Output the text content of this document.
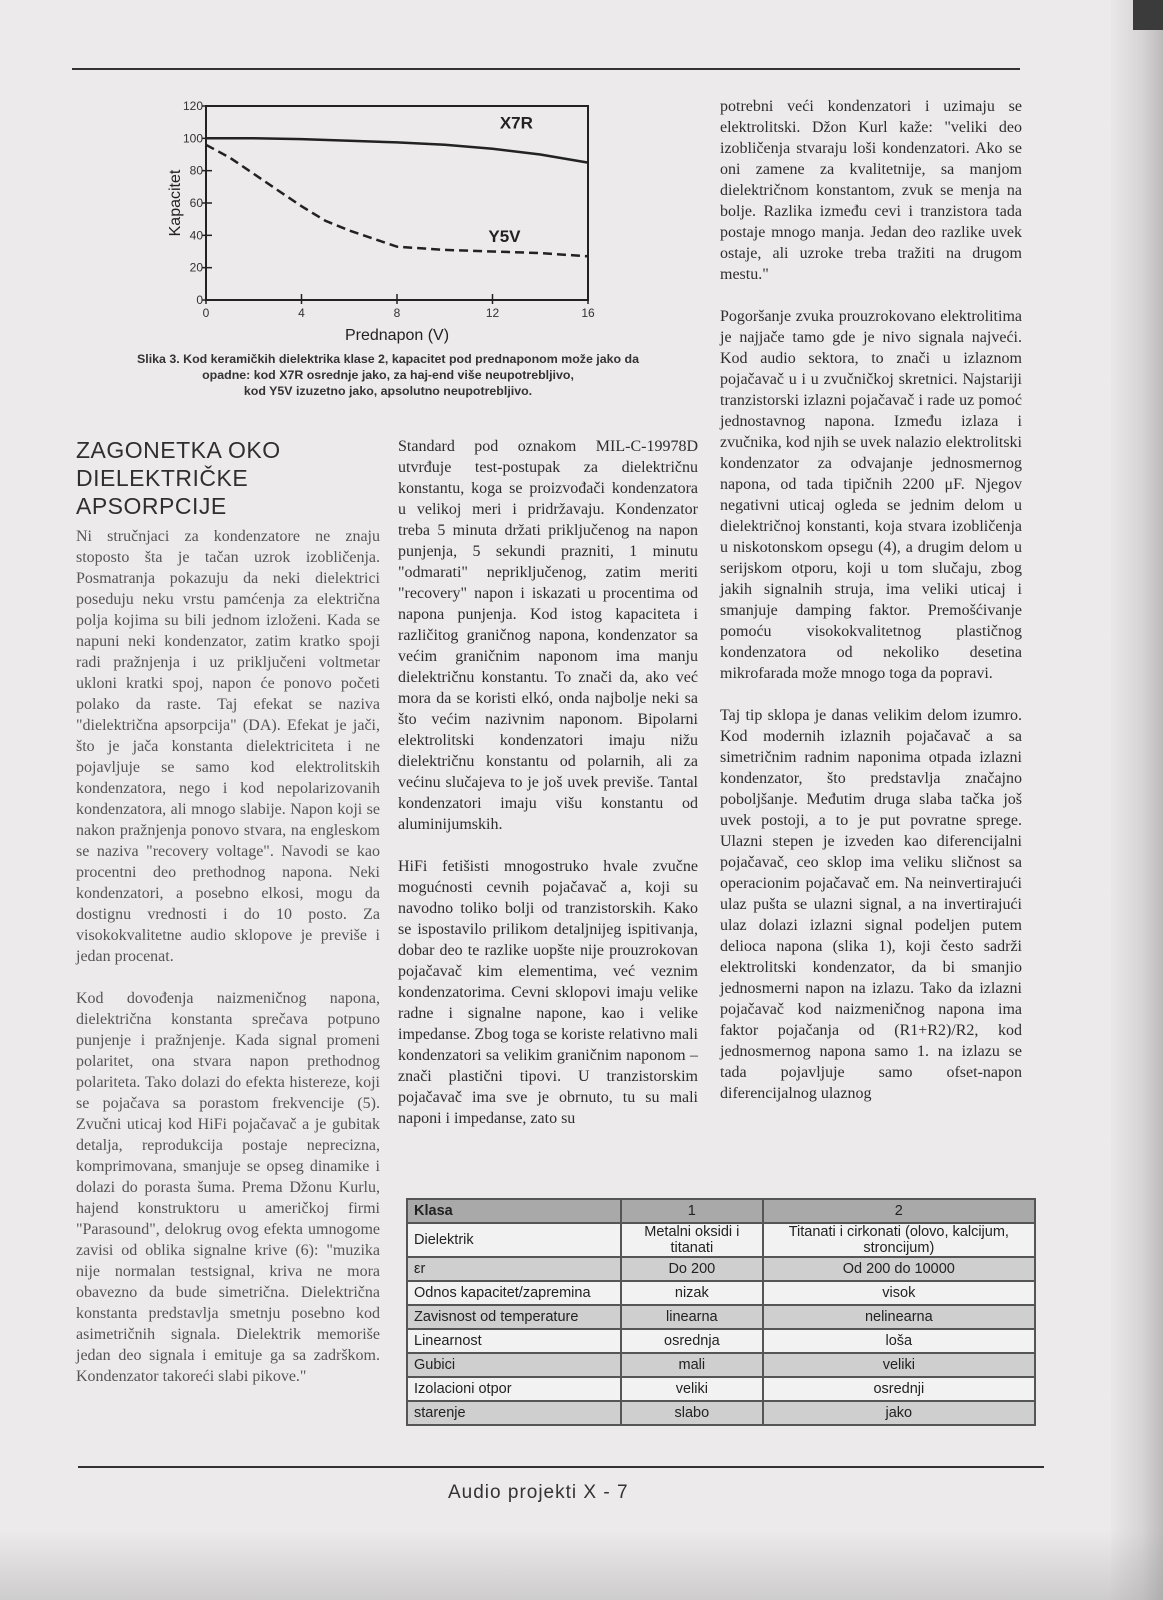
0
20
40
60
80
100
120
0	4	8	12	16
Prednapon (V)
Kapacitet
X7R
Y5V
Slika 3. Kod keramičkih dielektrika klase 2, kapacitet pod prednaponom može jako da
opadne: kod X7R osrednje jako, za haj-end više neupotrebljivo,
kod Y5V izuzetno jako, apsolutno neupotrebljivo.
ZAGONETKA OKO
DIELEKTRIČKE APSORPCIJE

Ni stručnjaci za kondenzatore ne znaju stoposto šta je tačan uzrok izobličenja. Posmatranja pokazuju da neki dielektrici poseduju neku vrstu pamćenja za električna polja kojima su bili jednom izloženi. Kada se napuni neki kondenzator, zatim kratko spoji radi pražnjenja i uz priključeni voltmetar ukloni kratki spoj, napon će ponovo početi polako da raste. Taj efekat se naziva "dielektrična apsorpcija" (DA). Efekat je jači, što je jača konstanta dielektriciteta i ne pojavljuje se samo kod elektrolitskih kondenzatora, nego i kod nepolarizovanih kondenzatora, ali mnogo slabije. Napon koji se nakon pražnjenja ponovo stvara, na engleskom se naziva "recovery voltage". Navodi se kao procentni deo prethodnog napona. Neki kondenzatori, a posebno elkosi, mogu da dostignu vrednosti i do 10 posto. Za visokokvalitetne audio sklopove je previše i jedan procenat.

Kod dovođenja naizmeničnog napona, dielektrična konstanta sprečava potpuno punjenje i pražnjenje. Kada signal promeni polaritet, ona stvara napon prethodnog polariteta. Tako dolazi do efekta histereze, koji se pojačava sa porastom frekvencije (5). Zvučni uticaj kod HiFi pojačavač a je gubitak detalja, reprodukcija postaje neprecizna, komprimovana, smanjuje se opseg dinamike i dolazi do porasta šuma. Prema Džonu Kurlu, hajend konstruktoru u američkoj firmi "Parasound", delokrug ovog efekta umnogome zavisi od oblika signalne krive (6): "muzika nije normalan testsignal, kriva ne mora obavezno da bude simetrična. Dielektrična konstanta predstavlja smetnju posebno kod asimetričnih signala. Dielektrik memoriše jedan deo signala i emituje ga sa zadrškom. Kondenzator takoreći slabi pikove."

Standard pod oznakom MIL-C-19978D utvrđuje test-postupak za dielektričnu konstantu, koga se proizvođači kondenzatora u velikoj meri i pridržavaju. Kondenzator treba 5 minuta držati priključenog na napon punjenja, 5 sekundi prazniti, 1 minutu "odmarati" nepriključenog, zatim meriti "recovery" napon i iskazati u procentima od napona punjenja. Kod istog kapaciteta i različitog graničnog napona, kondenzator sa većim graničnim naponom ima manju dielektričnu konstantu. To znači da, ako već mora da se koristi elkó, onda najbolje neki sa što većim nazivnim naponom. Bipolarni elektrolitski kondenzatori imaju nižu dielektričnu konstantu od polarnih, ali za većinu slučajeva to je još uvek previše. Tantal kondenzatori imaju višu konstantu od aluminijumskih.

HiFi fetišisti mnogostruko hvale zvučne mogućnosti cevnih pojačavač a, koji su navodno toliko bolji od tranzistorskih. Kako se ispostavilo prilikom detaljnijeg ispitivanja, dobar deo te razlike uopšte nije prouzrokovan pojačavač kim elementima, već veznim kondenzatorima. Cevni sklopovi imaju velike radne i signalne napone, kao i velike impedanse. Zbog toga se koriste relativno mali kondenzatori sa velikim graničnim naponom – znači plastični tipovi. U tranzistorskim pojačavač ima sve je obrnuto, tu su mali naponi i impedanse, zato su

potrebni veći kondenzatori i uzimaju se elektrolitski. Džon Kurl kaže: "veliki deo izobličenja stvaraju loši kondenzatori. Ako se oni zamene za kvalitetnije, sa manjom dielektričnom konstantom, zvuk se menja na bolje. Razlika između cevi i tranzistora tada postaje mnogo manja. Jedan deo razlike uvek ostaje, ali uzroke treba tražiti na drugom mestu."

Pogoršanje zvuka prouzrokovano elektrolitima je najjače tamo gde je nivo signala najveći. Kod audio sektora, to znači u izlaznom pojačavač u i u zvučničkoj skretnici. Najstariji tranzistorski izlazni pojačavač i rade uz pomoć jednostavnog napona. Između izlaza i zvučnika, kod njih se uvek nalazio elektrolitski kondenzator za odvajanje jednosmernog napona, od tada tipičnih 2200 μF. Njegov negativni uticaj ogleda se jednim delom u dielektričnoj konstanti, koja stvara izobličenja u niskotonskom opsegu (4), a drugim delom u serijskom otporu, koji u tom slučaju, zbog jakih signalnih struja, ima veliki uticaj i smanjuje damping faktor. Premošćivanje pomoću visokokvalitetnog plastičnog kondenzatora od nekoliko desetina mikrofarada može mnogo toga da popravi.

Taj tip sklopa je danas velikim delom izumro. Kod modernih izlaznih pojačavač a sa simetričnim radnim naponima otpada izlazni kondenzator, što predstavlja značajno poboljšanje. Međutim druga slaba tačka još uvek postoji, a to je put povratne sprege. Ulazni stepen je izveden kao diferencijalni pojačavač, ceo sklop ima veliku sličnost sa operacionim pojačavač em. Na neinvertirajući ulaz pušta se ulazni signal, a na invertirajući ulaz dolazi izlazni signal podeljen putem delioca napona (slika 1), koji često sadrži elektrolitski kondenzator, da bi smanjio jednosmerni napon na izlazu. Tako da izlazni pojačavač kod naizmeničnog napona ima faktor pojačanja od (R1+R2)/R2, kod jednosmernog napona samo 1. na izlazu se tada pojavljuje samo ofset-napon diferencijalnog ulaznog

Klasa	1	2
Dielektrik	Metalni oksidi i titanati	Titanati i cirkonati (olovo, kalcijum, stroncijum)
εr	Do 200	Od 200 do 10000
Odnos kapacitet/zapremina	nizak	visok
Zavisnost od temperature	linearna	nelinearna
Linearnost	osrednja	loša
Gubici	mali	veliki
Izolacioni otpor	veliki	osrednji
starenje	slabo	jako
Audio projekti X - 7
